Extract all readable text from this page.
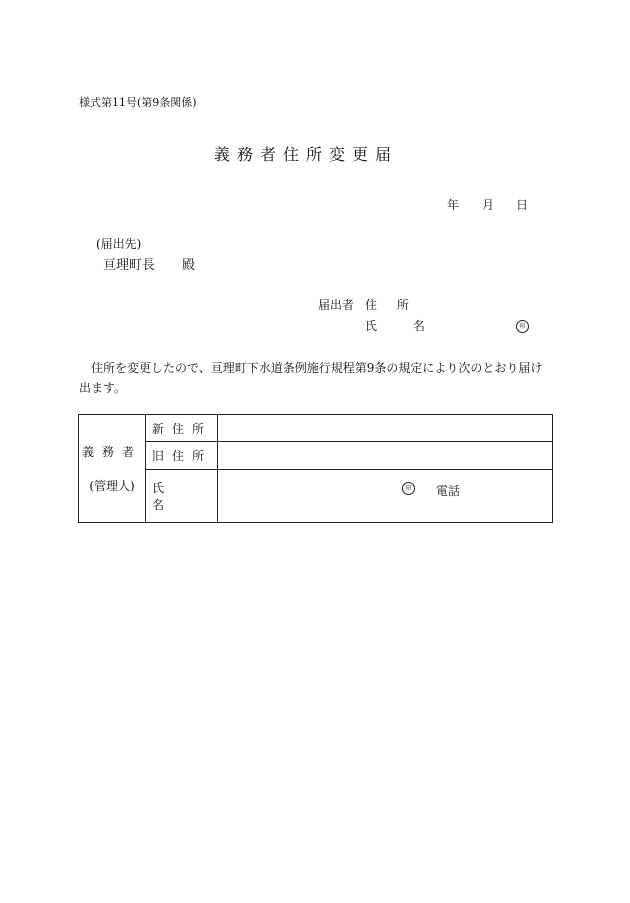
様式第11号(第9条関係)
義務者住所変更届
年 月 日
(届出先)
亘理町長 殿
届出者 住 所
氏 名	印
住所を変更したので、亘理町下水道条例施行規程第9条の規定により次のとおり届け出ます。
義務者
(管理人)	新住所	
	旧住所	
	氏名	印 電話
